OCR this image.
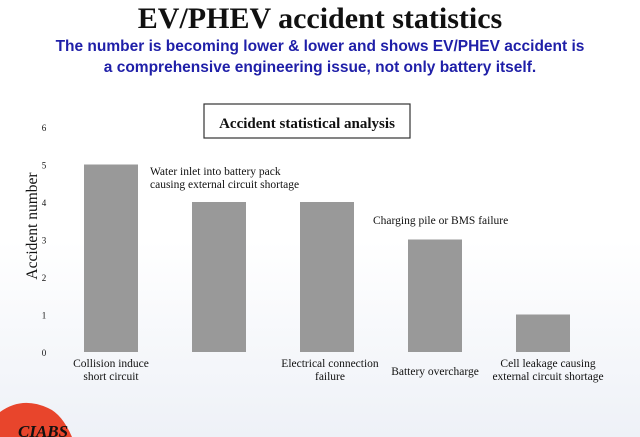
EV/PHEV accident statistics

The number is becoming lower & lower and shows EV/PHEV accident is

a comprehensive engineering issue, not only battery itself.

Accident statistical analysis
Accident number
0
1
2
3
4
5
6
Collision induce short circuit
Electrical connection failure	Battery overcharge
Cell leakage causing external circuit shortage
Water inlet into battery pack causing external circuit shortage
Charging pile or BMS failure
CIABS
